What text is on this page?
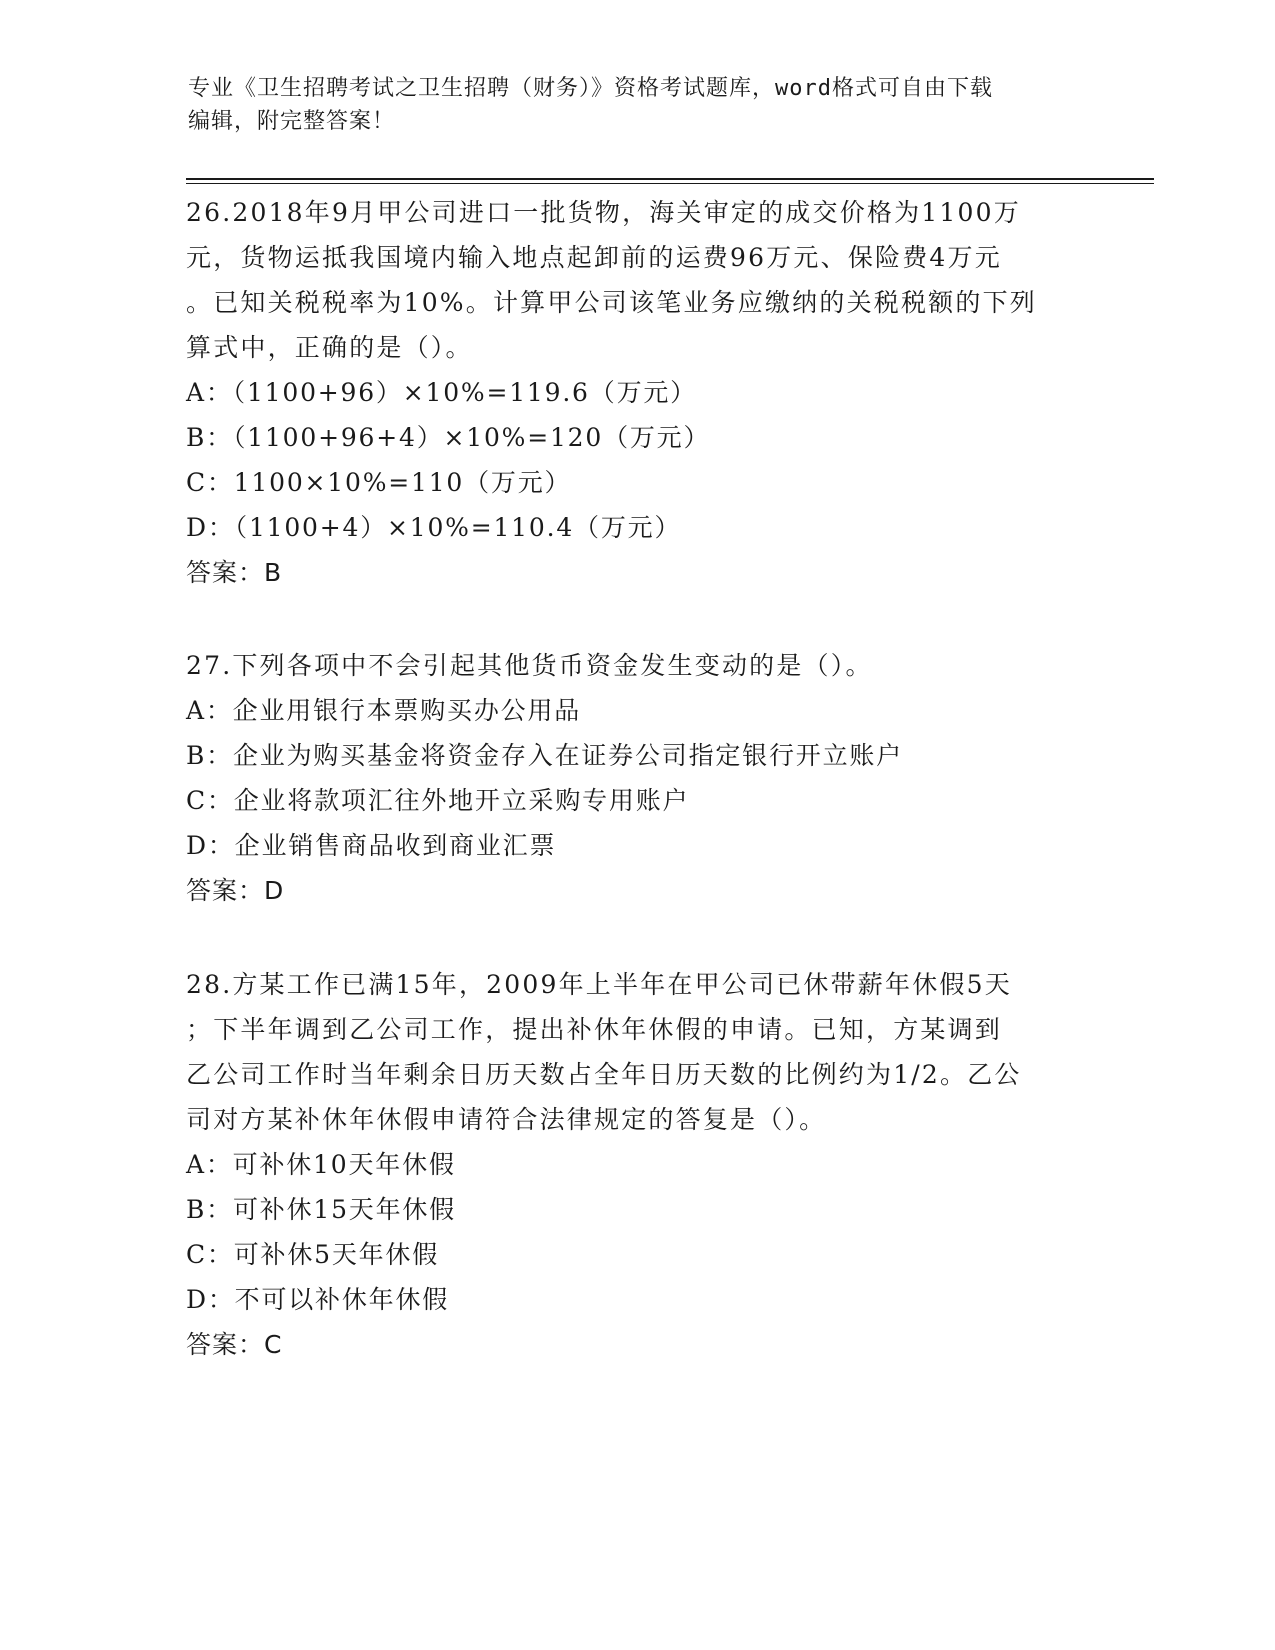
专业《卫生招聘考试之卫生招聘（财务）》资格考试题库，word格式可自由下载
编辑，附完整答案！
26.2018年9月甲公司进口一批货物，海关审定的成交价格为1100万
元，货物运抵我国境内输入地点起卸前的运费96万元、保险费4万元
。已知关税税率为10%。计算甲公司该笔业务应缴纳的关税税额的下列
算式中，正确的是（）。
A：（1100+96）×10%=119.6（万元）
B：（1100+96+4）×10%=120（万元）
C：1100×10%=110（万元）
D：（1100+4）×10%=110.4（万元）
答案：B
27.下列各项中不会引起其他货币资金发生变动的是（）。
A：企业用银行本票购买办公用品
B：企业为购买基金将资金存入在证券公司指定银行开立账户
C：企业将款项汇往外地开立采购专用账户
D：企业销售商品收到商业汇票
答案：D
28.方某工作已满15年，2009年上半年在甲公司已休带薪年休假5天
；下半年调到乙公司工作，提出补休年休假的申请。已知，方某调到
乙公司工作时当年剩余日历天数占全年日历天数的比例约为1/2。乙公
司对方某补休年休假申请符合法律规定的答复是（）。
A：可补休10天年休假
B：可补休15天年休假
C：可补休5天年休假
D：不可以补休年休假
答案：C
